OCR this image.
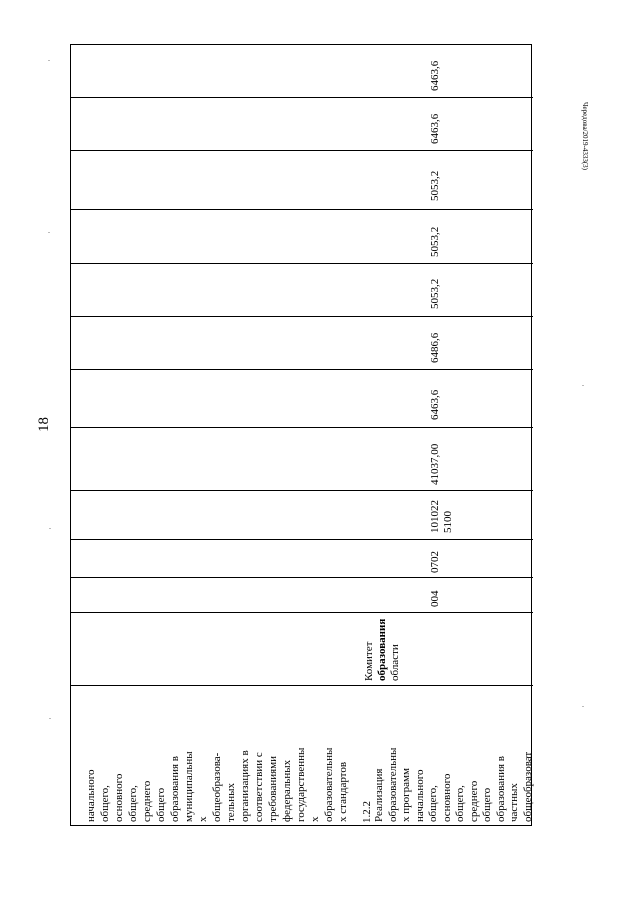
18
Чередова/2019-4333(3)
6463,6
6463,6
5053,2
5053,2
5053,2
6486,6
6463,6
41037,00
101022
5100
0702
004
Комитет образования области
начального общего, основного общего, среднего общего образования в муниципальны х общеобразова- тельных организациях в соответствии с требованиями федеральных государственны х образовательны х стандартов 1.2.2 Реализация образовательны х программ начального общего, основного общего, среднего общего образования в частных общеобразоват
